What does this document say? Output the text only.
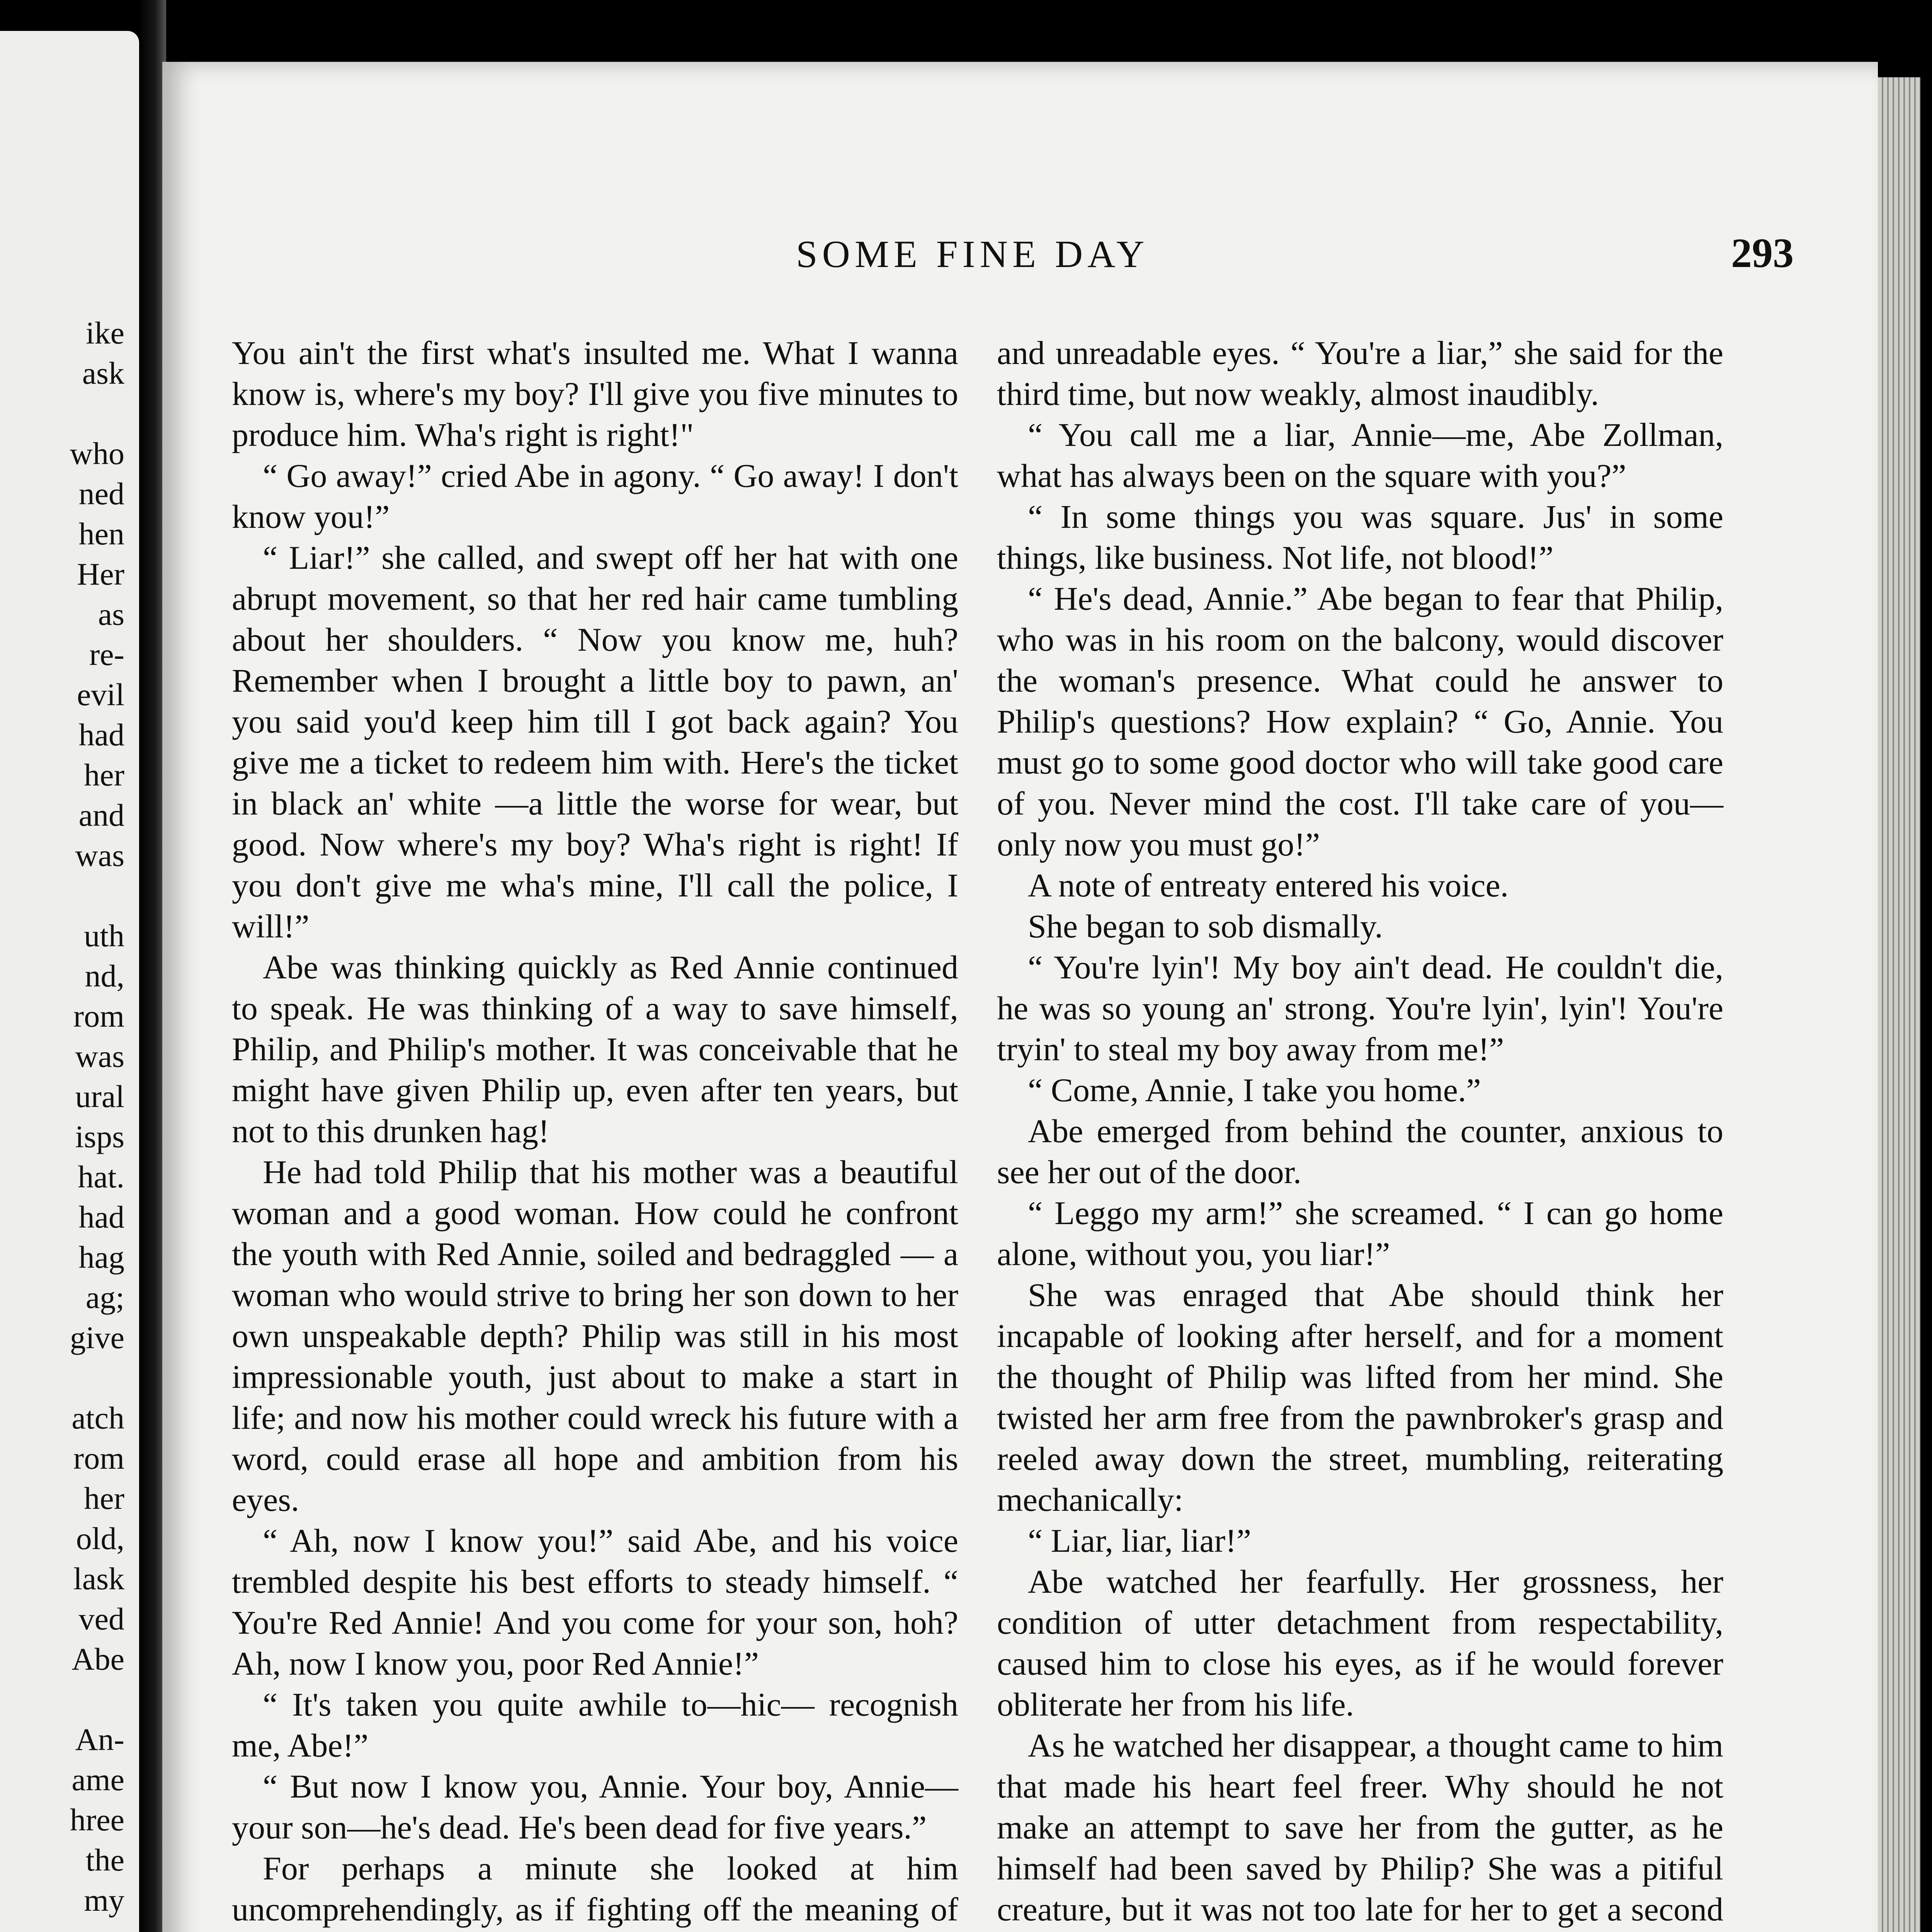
ike
ask
who
ned
hen
Her
as
re-
evil
had
her
and
was
uth
nd,
rom
was
ural
isps
hat.
had
hag
ag;
give
atch
rom
her
old,
lask
ved
Abe
An-
ame
hree
the
my
SOME FINE DAY	293

You ain't the first what's insulted me. What I wanna know is, where's my boy? I'll give you five minutes to produce him. Wha's right is right!"

“ Go away!” cried Abe in agony. “ Go away! I don't know you!”

“ Liar!” she called, and swept off her hat with one abrupt movement, so that her red hair came tumbling about her shoulders. “ Now you know me, huh? Remember when I brought a little boy to pawn, an' you said you'd keep him till I got back again? You give me a ticket to redeem him with. Here's the ticket in black an' white —a little the worse for wear, but good. Now where's my boy? Wha's right is right! If you don't give me wha's mine, I'll call the police, I will!”

Abe was thinking quickly as Red Annie continued to speak. He was thinking of a way to save himself, Philip, and Philip's mother. It was conceivable that he might have given Philip up, even after ten years, but not to this drunken hag!

He had told Philip that his mother was a beautiful woman and a good woman. How could he confront the youth with Red Annie, soiled and bedraggled — a woman who would strive to bring her son down to her own unspeakable depth? Philip was still in his most impressionable youth, just about to make a start in life; and now his mother could wreck his future with a word, could erase all hope and ambition from his eyes.

“ Ah, now I know you!” said Abe, and his voice trembled despite his best efforts to steady himself. “ You're Red Annie! And you come for your son, hoh? Ah, now I know you, poor Red Annie!”

“ It's taken you quite awhile to—hic— recognish me, Abe!”

“ But now I know you, Annie. Your boy, Annie—your son—he's dead. He's been dead for five years.”

For perhaps a minute she looked at him uncomprehendingly, as if fighting off the meaning of

and unreadable eyes. “ You're a liar,” she said for the third time, but now weakly, almost inaudibly.

“ You call me a liar, Annie—me, Abe Zollman, what has always been on the square with you?”

“ In some things you was square. Jus' in some things, like business. Not life, not blood!”

“ He's dead, Annie.” Abe began to fear that Philip, who was in his room on the balcony, would discover the woman's presence. What could he answer to Philip's questions? How explain? “ Go, Annie. You must go to some good doctor who will take good care of you. Never mind the cost. I'll take care of you—only now you must go!”

A note of entreaty entered his voice.

She began to sob dismally.

“ You're lyin'! My boy ain't dead. He couldn't die, he was so young an' strong. You're lyin', lyin'! You're tryin' to steal my boy away from me!”

“ Come, Annie, I take you home.”

Abe emerged from behind the counter, anxious to see her out of the door.

“ Leggo my arm!” she screamed. “ I can go home alone, without you, you liar!”

She was enraged that Abe should think her incapable of looking after herself, and for a moment the thought of Philip was lifted from her mind. She twisted her arm free from the pawnbroker's grasp and reeled away down the street, mumbling, reiterating mechanically:

“ Liar, liar, liar!”

Abe watched her fearfully. Her grossness, her condition of utter detachment from respectability, caused him to close his eyes, as if he would forever obliterate her from his life.

As he watched her disappear, a thought came to him that made his heart feel freer. Why should he not make an attempt to save her from the gutter, as he himself had been saved by Philip? She was a pitiful creature, but it was not too late for her to get a second
